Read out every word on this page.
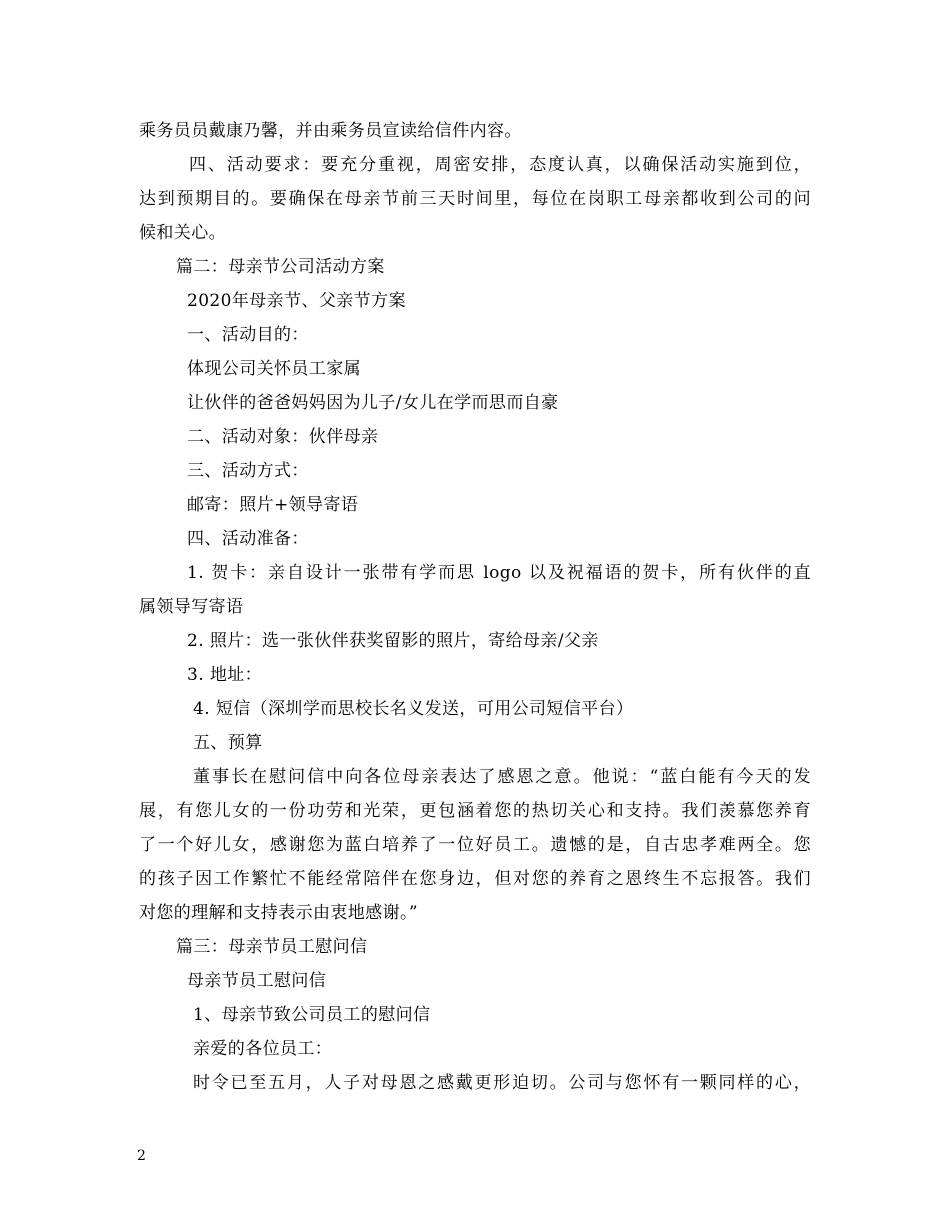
乘务员员戴康乃馨，并由乘务员宣读给信件内容。
四、活动要求：要充分重视，周密安排，态度认真，以确保活动实施到位，
达到预期目的。要确保在母亲节前三天时间里，每位在岗职工母亲都收到公司的问
候和关心。
篇二：母亲节公司活动方案
2020年母亲节、父亲节方案
一、活动目的：
体现公司关怀员工家属
让伙伴的爸爸妈妈因为儿子/女儿在学而思而自豪
二、活动对象：伙伴母亲
三、活动方式：
邮寄：照片+领导寄语
四、活动准备：
1. 贺卡：亲自设计一张带有学而思 logo 以及祝福语的贺卡，所有伙伴的直
属领导写寄语
2. 照片：选一张伙伴获奖留影的照片，寄给母亲/父亲
3. 地址：
4. 短信（深圳学而思校长名义发送，可用公司短信平台）
五、预算
董事长在慰问信中向各位母亲表达了感恩之意。他说：“蓝白能有今天的发
展，有您儿女的一份功劳和光荣，更包涵着您的热切关心和支持。我们羡慕您养育
了一个好儿女，感谢您为蓝白培养了一位好员工。遗憾的是，自古忠孝难两全。您
的孩子因工作繁忙不能经常陪伴在您身边，但对您的养育之恩终生不忘报答。我们
对您的理解和支持表示由衷地感谢。”
篇三：母亲节员工慰问信
母亲节员工慰问信
1、母亲节致公司员工的慰问信
亲爱的各位员工：
时令已至五月，人子对母恩之感戴更形迫切。公司与您怀有一颗同样的心，
2
